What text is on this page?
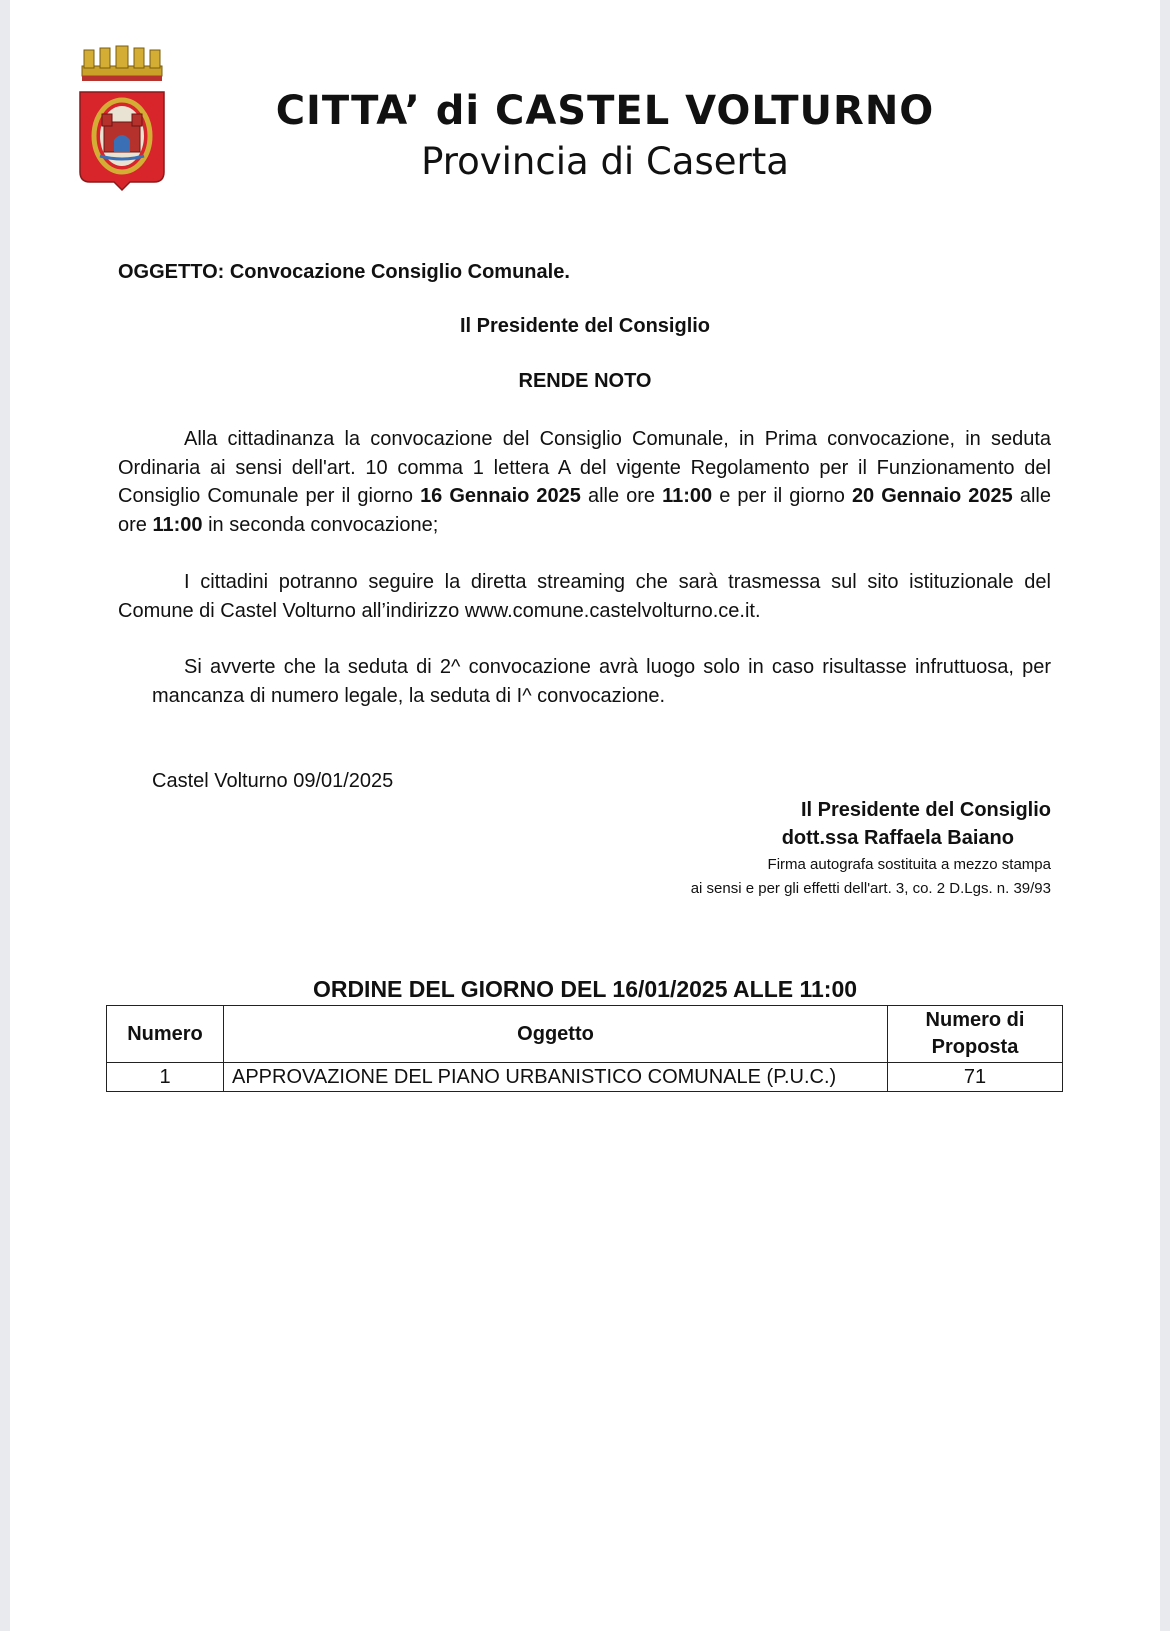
CITTA’ di CASTEL VOLTURNO
Provincia di Caserta
OGGETTO: Convocazione Consiglio Comunale.
Il Presidente del Consiglio
RENDE NOTO
Alla cittadinanza la convocazione del Consiglio Comunale, in Prima convocazione, in seduta Ordinaria ai sensi dell'art. 10 comma 1 lettera A del vigente Regolamento per il Funzionamento del Consiglio Comunale per il giorno 16 Gennaio 2025 alle ore 11:00 e per il giorno 20 Gennaio 2025 alle ore 11:00 in seconda convocazione;
I cittadini potranno seguire la diretta streaming che sarà trasmessa sul sito istituzionale del Comune di Castel Volturno all’indirizzo www.comune.castelvolturno.ce.it.
Si avverte che la seduta di 2^ convocazione avrà luogo solo in caso risultasse infruttuosa, per mancanza di numero legale, la seduta di I^ convocazione.
Castel Volturno 09/01/2025
Il Presidente del Consiglio
dott.ssa Raffaela Baiano
Firma autografa sostituita a mezzo stampa
ai sensi e per gli effetti dell'art. 3, co. 2 D.Lgs. n. 39/93
ORDINE DEL GIORNO DEL 16/01/2025 ALLE 11:00
Numero	Oggetto	Numero di Proposta
1	APPROVAZIONE DEL PIANO URBANISTICO COMUNALE (P.U.C.)	71
